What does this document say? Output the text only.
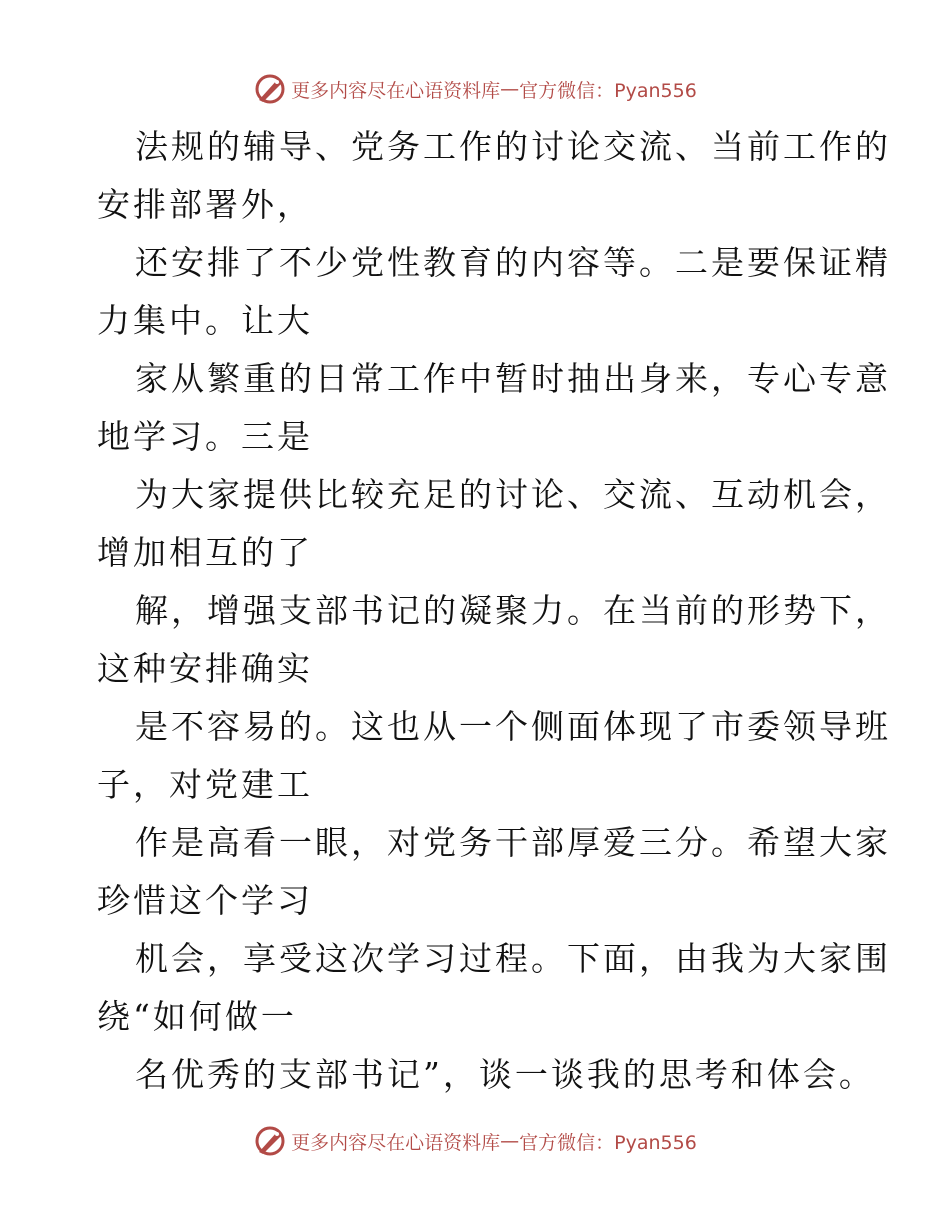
更多内容尽在心语资料库 — 官方微信：Pyan556
法规的辅导、党务工作的讨论交流、当前工作的
安排部署外，
还安排了不少党性教育的内容等。二是要保证精
力集中。让大
家从繁重的日常工作中暂时抽出身来，专心专意
地学习。三是
为大家提供比较充足的讨论、交流、互动机会，
增加相互的了
解，增强支部书记的凝聚力。在当前的形势下，
这种安排确实
是不容易的。这也从一个侧面体现了市委领导班
子，对党建工
作是高看一眼，对党务干部厚爱三分。希望大家
珍惜这个学习
机会，享受这次学习过程。下面，由我为大家围
绕“如何做一
名优秀的支部书记”，谈一谈我的思考和体会。
更多内容尽在心语资料库 — 官方微信：Pyan556
